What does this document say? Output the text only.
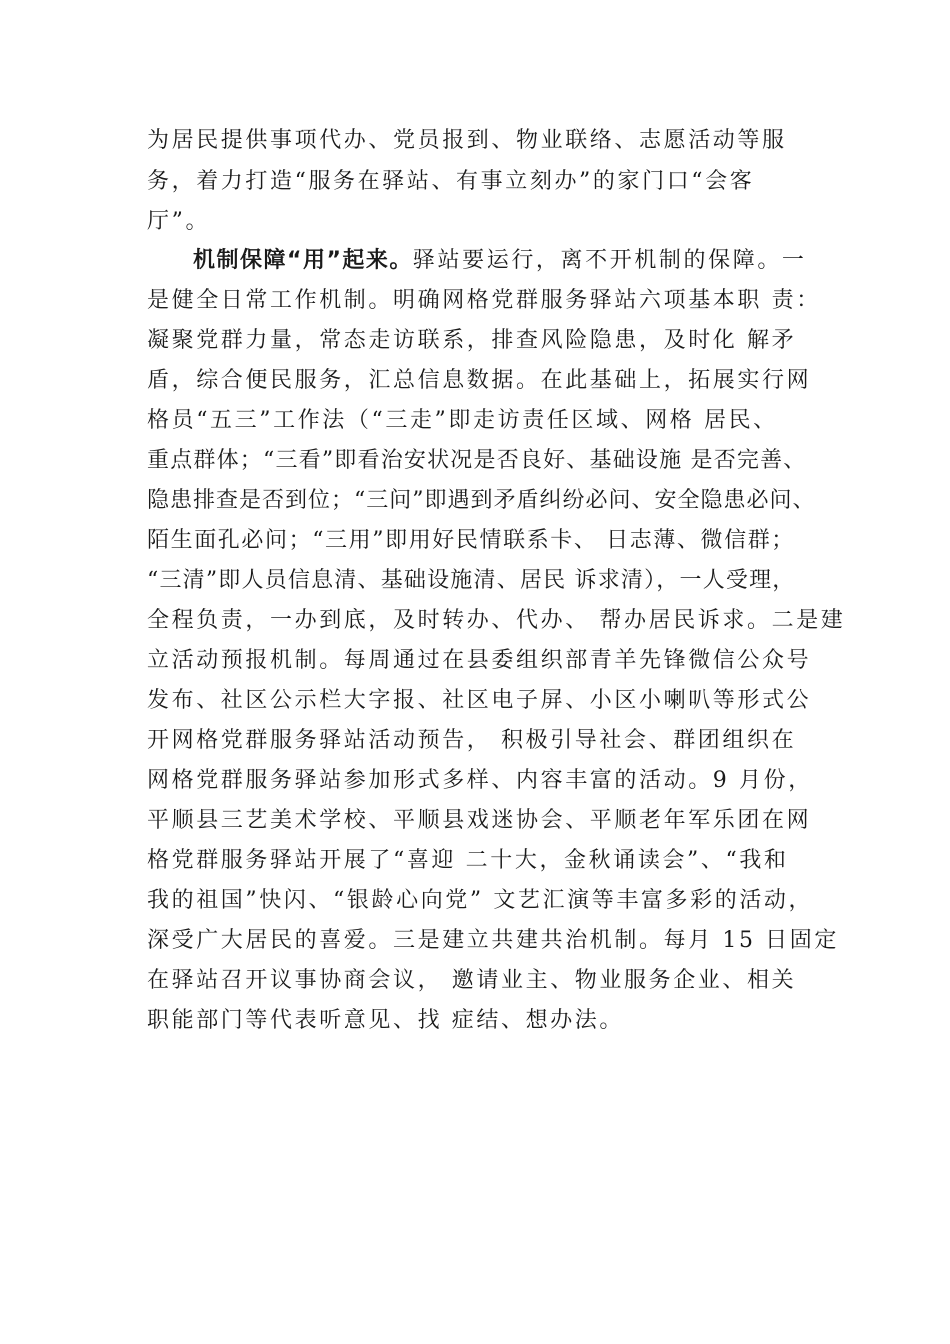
为居民提供事项代办、党员报到、物业联络、志愿活动等服
务，着力打造“服务在驿站、有事立刻办”的家门口“会客
厅”。
机制保障“用”起来。驿站要运行，离不开机制的保障。一
是健全日常工作机制。明确网格党群服务驿站六项基本职 责：
凝聚党群力量，常态走访联系，排查风险隐患，及时化 解矛
盾，综合便民服务，汇总信息数据。在此基础上，拓展实行网
格员“五三”工作法（“三走”即走访责任区域、网格 居民、
重点群体；“三看”即看治安状况是否良好、基础设施 是否完善、
隐患排查是否到位；“三问”即遇到矛盾纠纷必问、安全隐患必问、
陌生面孔必问；“三用”即用好民情联系卡、 日志薄、微信群；
“三清”即人员信息清、基础设施清、居民 诉求清），一人受理，
全程负责，一办到底，及时转办、代办、 帮办居民诉求。二是建
立活动预报机制。每周通过在县委组织部青羊先锋微信公众号
发布、社区公示栏大字报、社区电子屏、小区小喇叭等形式公
开网格党群服务驿站活动预告， 积极引导社会、群团组织在
网格党群服务驿站参加形式多样、内容丰富的活动。9 月份，
平顺县三艺美术学校、平顺县戏迷协会、平顺老年军乐团在网
格党群服务驿站开展了“喜迎 二十大，金秋诵读会”、“我和
我的祖国”快闪、“银龄心向党” 文艺汇演等丰富多彩的活动，
深受广大居民的喜爱。三是建立共建共治机制。每月 15 日固定
在驿站召开议事协商会议， 邀请业主、物业服务企业、相关
职能部门等代表听意见、找 症结、想办法。
